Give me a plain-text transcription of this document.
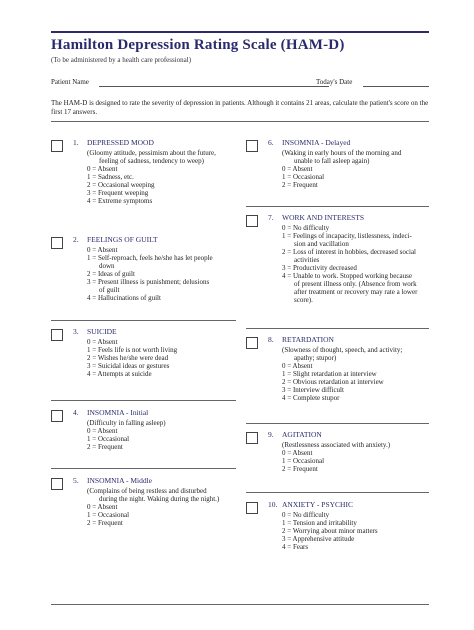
Hamilton Depression Rating Scale (HAM-D)
(To be administered by a health care professional)
Patient Name	Today's Date
The HAM-D is designed to rate the severity of depression in patients. Although it contains 21 areas, calculate the patient's score on the first 17 answers.
1. DEPRESSED MOOD
(Gloomy attitude, pessimism about the future,
feeling of sadness, tendency to weep)
0 = Absent
1 = Sadness, etc.
2 = Occasional weeping
3 = Frequent weeping
4 = Extreme symptoms
2. FEELINGS OF GUILT
0 = Absent
1 = Self-reproach, feels he/she has let people
down
2 = Ideas of guilt
3 = Present illness is punishment; delusions
of guilt
4 = Hallucinations of guilt
3. SUICIDE
0 = Absent
1 = Feels life is not worth living
2 = Wishes he/she were dead
3 = Suicidal ideas or gestures
4 = Attempts at suicide
4. INSOMNIA - Initial
(Difficulty in falling asleep)
0 = Absent
1 = Occasional
2 = Frequent
5. INSOMNIA - Middle
(Complains of being restless and disturbed
during the night. Waking during the night.)
0 = Absent
1 = Occasional
2 = Frequent
6. INSOMNIA - Delayed
(Waking in early hours of the morning and
unable to fall asleep again)
0 = Absent
1 = Occasional
2 = Frequent
7. WORK AND INTERESTS
0 = No difficulty
1 = Feelings of incapacity, listlessness, indeci-
sion and vacillation
2 = Loss of interest in hobbies, decreased social
activities
3 = Productivity decreased
4 = Unable to work. Stopped working because
of present illness only. (Absence from work
after treatment or recovery may rate a lower
score).
8. RETARDATION
(Slowness of thought, speech, and activity;
apathy; stupor)
0 = Absent
1 = Slight retardation at interview
2 = Obvious retardation at interview
3 = Interview difficult
4 = Complete stupor
9. AGITATION
(Restlessness associated with anxiety.)
0 = Absent
1 = Occasional
2 = Frequent
10. ANXIETY - PSYCHIC
0 = No difficulty
1 = Tension and irritability
2 = Worrying about minor matters
3 = Apprehensive attitude
4 = Fears
